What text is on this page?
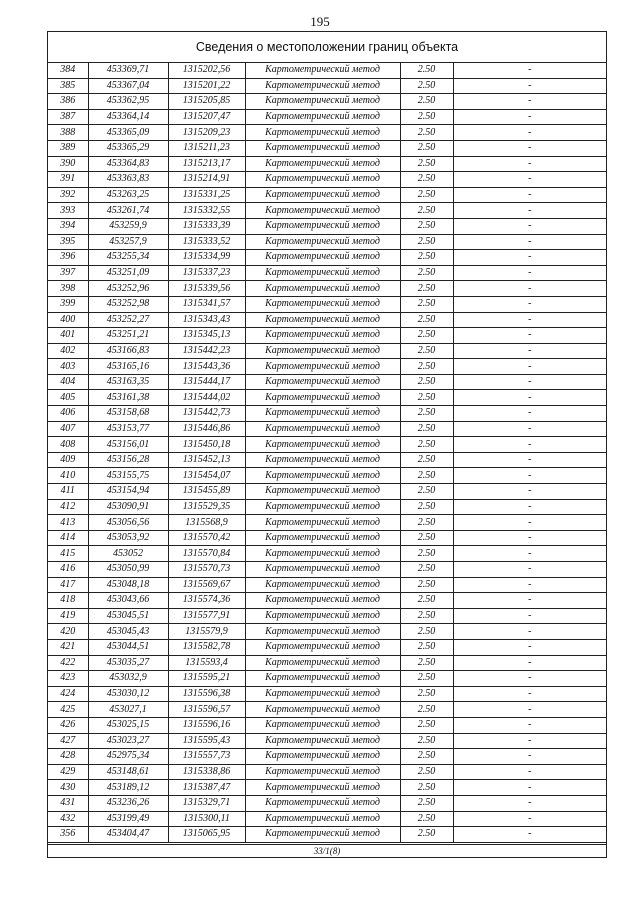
195
Сведения о местоположении границ объекта
384	453369,71	1315202,56	Картометрический метод	2.50	-
385	453367,04	1315201,22	Картометрический метод	2.50	-
386	453362,95	1315205,85	Картометрический метод	2.50	-
387	453364,14	1315207,47	Картометрический метод	2.50	-
388	453365,09	1315209,23	Картометрический метод	2.50	-
389	453365,29	1315211,23	Картометрический метод	2.50	-
390	453364,83	1315213,17	Картометрический метод	2.50	-
391	453363,83	1315214,91	Картометрический метод	2.50	-
392	453263,25	1315331,25	Картометрический метод	2.50	-
393	453261,74	1315332,55	Картометрический метод	2.50	-
394	453259,9	1315333,39	Картометрический метод	2.50	-
395	453257,9	1315333,52	Картометрический метод	2.50	-
396	453255,34	1315334,99	Картометрический метод	2.50	-
397	453251,09	1315337,23	Картометрический метод	2.50	-
398	453252,96	1315339,56	Картометрический метод	2.50	-
399	453252,98	1315341,57	Картометрический метод	2.50	-
400	453252,27	1315343,43	Картометрический метод	2.50	-
401	453251,21	1315345,13	Картометрический метод	2.50	-
402	453166,83	1315442,23	Картометрический метод	2.50	-
403	453165,16	1315443,36	Картометрический метод	2.50	-
404	453163,35	1315444,17	Картометрический метод	2.50	-
405	453161,38	1315444,02	Картометрический метод	2.50	-
406	453158,68	1315442,73	Картометрический метод	2.50	-
407	453153,77	1315446,86	Картометрический метод	2.50	-
408	453156,01	1315450,18	Картометрический метод	2.50	-
409	453156,28	1315452,13	Картометрический метод	2.50	-
410	453155,75	1315454,07	Картометрический метод	2.50	-
411	453154,94	1315455,89	Картометрический метод	2.50	-
412	453090,91	1315529,35	Картометрический метод	2.50	-
413	453056,56	1315568,9	Картометрический метод	2.50	-
414	453053,92	1315570,42	Картометрический метод	2.50	-
415	453052	1315570,84	Картометрический метод	2.50	-
416	453050,99	1315570,73	Картометрический метод	2.50	-
417	453048,18	1315569,67	Картометрический метод	2.50	-
418	453043,66	1315574,36	Картометрический метод	2.50	-
419	453045,51	1315577,91	Картометрический метод	2.50	-
420	453045,43	1315579,9	Картометрический метод	2.50	-
421	453044,51	1315582,78	Картометрический метод	2.50	-
422	453035,27	1315593,4	Картометрический метод	2.50	-
423	453032,9	1315595,21	Картометрический метод	2.50	-
424	453030,12	1315596,38	Картометрический метод	2.50	-
425	453027,1	1315596,57	Картометрический метод	2.50	-
426	453025,15	1315596,16	Картометрический метод	2.50	-
427	453023,27	1315595,43	Картометрический метод	2.50	-
428	452975,34	1315557,73	Картометрический метод	2.50	-
429	453148,61	1315338,86	Картометрический метод	2.50	-
430	453189,12	1315387,47	Картометрический метод	2.50	-
431	453236,26	1315329,71	Картометрический метод	2.50	-
432	453199,49	1315300,11	Картометрический метод	2.50	-
356	453404,47	1315065,95	Картометрический метод	2.50	-
33/1(8)
